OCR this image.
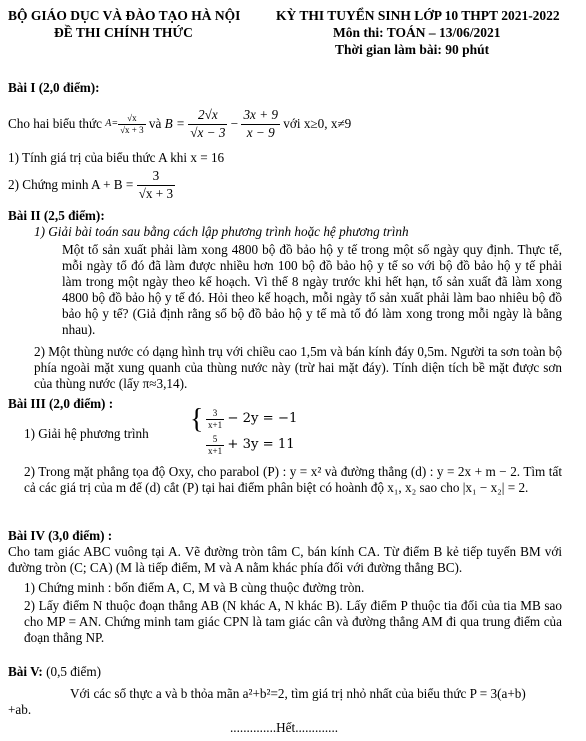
BỘ GIÁO DỤC VÀ ĐÀO TẠO HÀ NỘI
ĐỀ THI CHÍNH THỨC
KỲ THI TUYỂN SINH LỚP 10 THPT 2021-2022
Môn thi: TOÁN – 13/06/2021
Thời gian làm bài: 90 phút
Bài I (2,0 điểm):
Cho hai biểu thức
$A= \frac{√x}{√x + 3}$
và
B =
$\frac{2√x}{√x - 3}$
−
$\frac{3x + 9}{x - 9}$
với x≥0, x≠9
1) Tính giá trị của biểu thức A khi x = 16
2) Chứng minh A + B =
$\frac{3}{√x + 3}$
Bài II (2,5 điểm):
1) Giải bài toán sau bằng cách lập phương trình hoặc hệ phương trình
Một tổ sản xuất phải làm xong 4800 bộ đồ bảo hộ y tế trong một số ngày quy định. Thực tế, mỗi ngày tổ đó đã làm được nhiều hơn 100 bộ đồ bảo hộ y tế so với bộ đồ bảo hộ y tế phải làm trong một ngày theo kế hoạch. Vì thế 8 ngày trước khi hết hạn, tổ sản xuất đã làm xong 4800 bộ đồ bảo hộ y tế đó. Hỏi theo kế hoạch, mỗi ngày tổ sản xuất phải làm bao nhiêu bộ đồ bảo hộ y tế? (Giả định rằng số bộ đồ bảo hộ y tế mà tổ đó làm xong trong mỗi ngày là bằng nhau).
2) Một thùng nước có dạng hình trụ với chiều cao 1,5m và bán kính đáy 0,5m. Người ta sơn toàn bộ phía ngoài mặt xung quanh của thùng nước này (trừ hai mặt đáy). Tính diện tích bề mặt được sơn của thùng nước (lấy π≈3,14).
Bài III (2,0 điểm) :
1) Giải hệ phương trình { $\frac{3}{x+1}$
− 2y = −1
$\frac{5}{x+1}$
+ 3y = 11
2) Trong mặt phẳng tọa độ Oxy, cho parabol (P) : y = x² và đường thẳng (d) : y = 2x + m − 2. Tìm tất cả các giá trị của m để (d) cắt (P) tại hai điểm phân biệt có hoành độ x₁, x₂ sao cho |x₁ − x₂| = 2.
Bài IV (3,0 điểm) :
Cho tam giác ABC vuông tại A. Vẽ đường tròn tâm C, bán kính CA. Từ điểm B kẻ tiếp tuyến BM với đường tròn (C; CA) (M là tiếp điểm, M và A nằm khác phía đối với đường thẳng BC).
1) Chứng minh : bốn điểm A, C, M và B cùng thuộc đường tròn.
2) Lấy điểm N thuộc đoạn thẳng AB (N khác A, N khác B). Lấy điểm P thuộc tia đối của tia MB sao cho MP = AN. Chứng minh tam giác CPN là tam giác cân và đường thẳng AM đi qua trung điểm của đoạn thẳng NP.
Bài V: (0,5 điểm)
Với các số thực a và b thỏa mãn a²+b²=2, tìm giá trị nhỏ nhất của biểu thức P = 3(a+b)
+ab.
..............Hết.............
